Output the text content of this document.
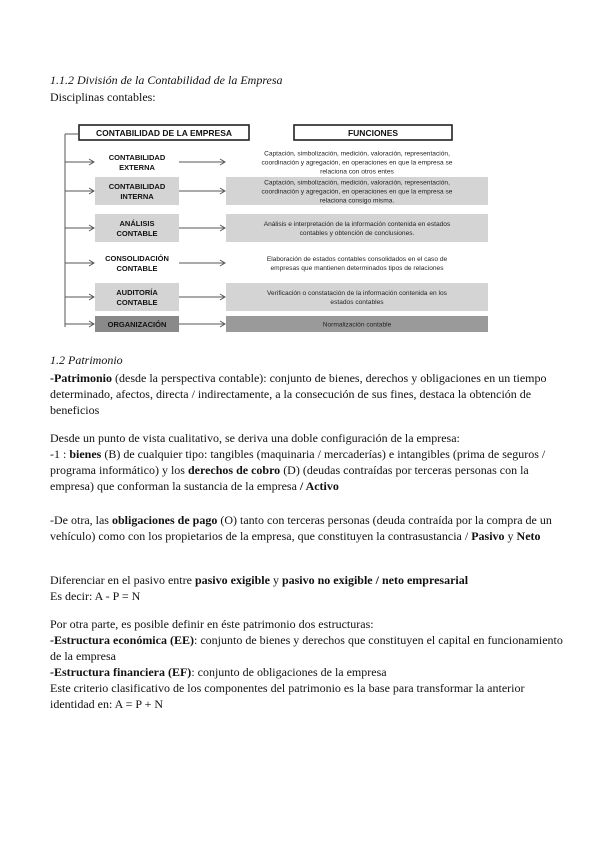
1.1.2 División de la Contabilidad de la Empresa
Disciplinas contables:
CONTABILIDAD DE LA EMPRESA	FUNCIONES
CONTABILIDAD
EXTERNA
Captación, simbolización, medición, valoración, representación,
coordinación y agregación, en operaciones en que la empresa se
relaciona con otros entes
CONTABILIDAD
INTERNA
Captación, simbolización, medición, valoración, representación,
coordinación y agregación, en operaciones en que la empresa se
relaciona consigo misma.
ANÁLISIS
CONTABLE
Análisis e interpretación de la información contenida en estados
contables y obtención de conclusiones.
CONSOLIDACIÓN
CONTABLE
Elaboración de estados contables consolidados en el caso de
empresas que mantienen determinados tipos de relaciones
AUDITORÍA
CONTABLE
Verificación o constatación de la información contenida en los
estados contables
ORGANIZACIÓN	Normalización contable
1.2 Patrimonio
-Patrimonio (desde la perspectiva contable): conjunto de bienes, derechos y obligaciones en un tiempo determinado, afectos, directa / indirectamente, a la consecución de sus fines, destaca la obtención de beneficios
Desde un punto de vista cualitativo, se deriva una doble configuración de la empresa:
-1 : bienes (B) de cualquier tipo: tangibles (maquinaria / mercaderías) e intangibles (prima de seguros / programa informático) y los derechos de cobro (D) (deudas contraídas por terceras personas con la empresa) que conforman la sustancia de la empresa / Activo
-De otra, las obligaciones de pago (O) tanto con terceras personas (deuda contraída por la compra de un vehículo) como con los propietarios de la empresa, que constituyen la contrasustancia / Pasivo y Neto
Diferenciar en el pasivo entre pasivo exigible y pasivo no exigible / neto empresarial
Es decir: A - P = N
Por otra parte, es posible definir en éste patrimonio dos estructuras:
-Estructura económica (EE): conjunto de bienes y derechos que constituyen el capital en funcionamiento de la empresa
-Estructura financiera (EF): conjunto de obligaciones de la empresa
Este criterio clasificativo de los componentes del patrimonio es la base para transformar la anterior identidad en: A = P + N
